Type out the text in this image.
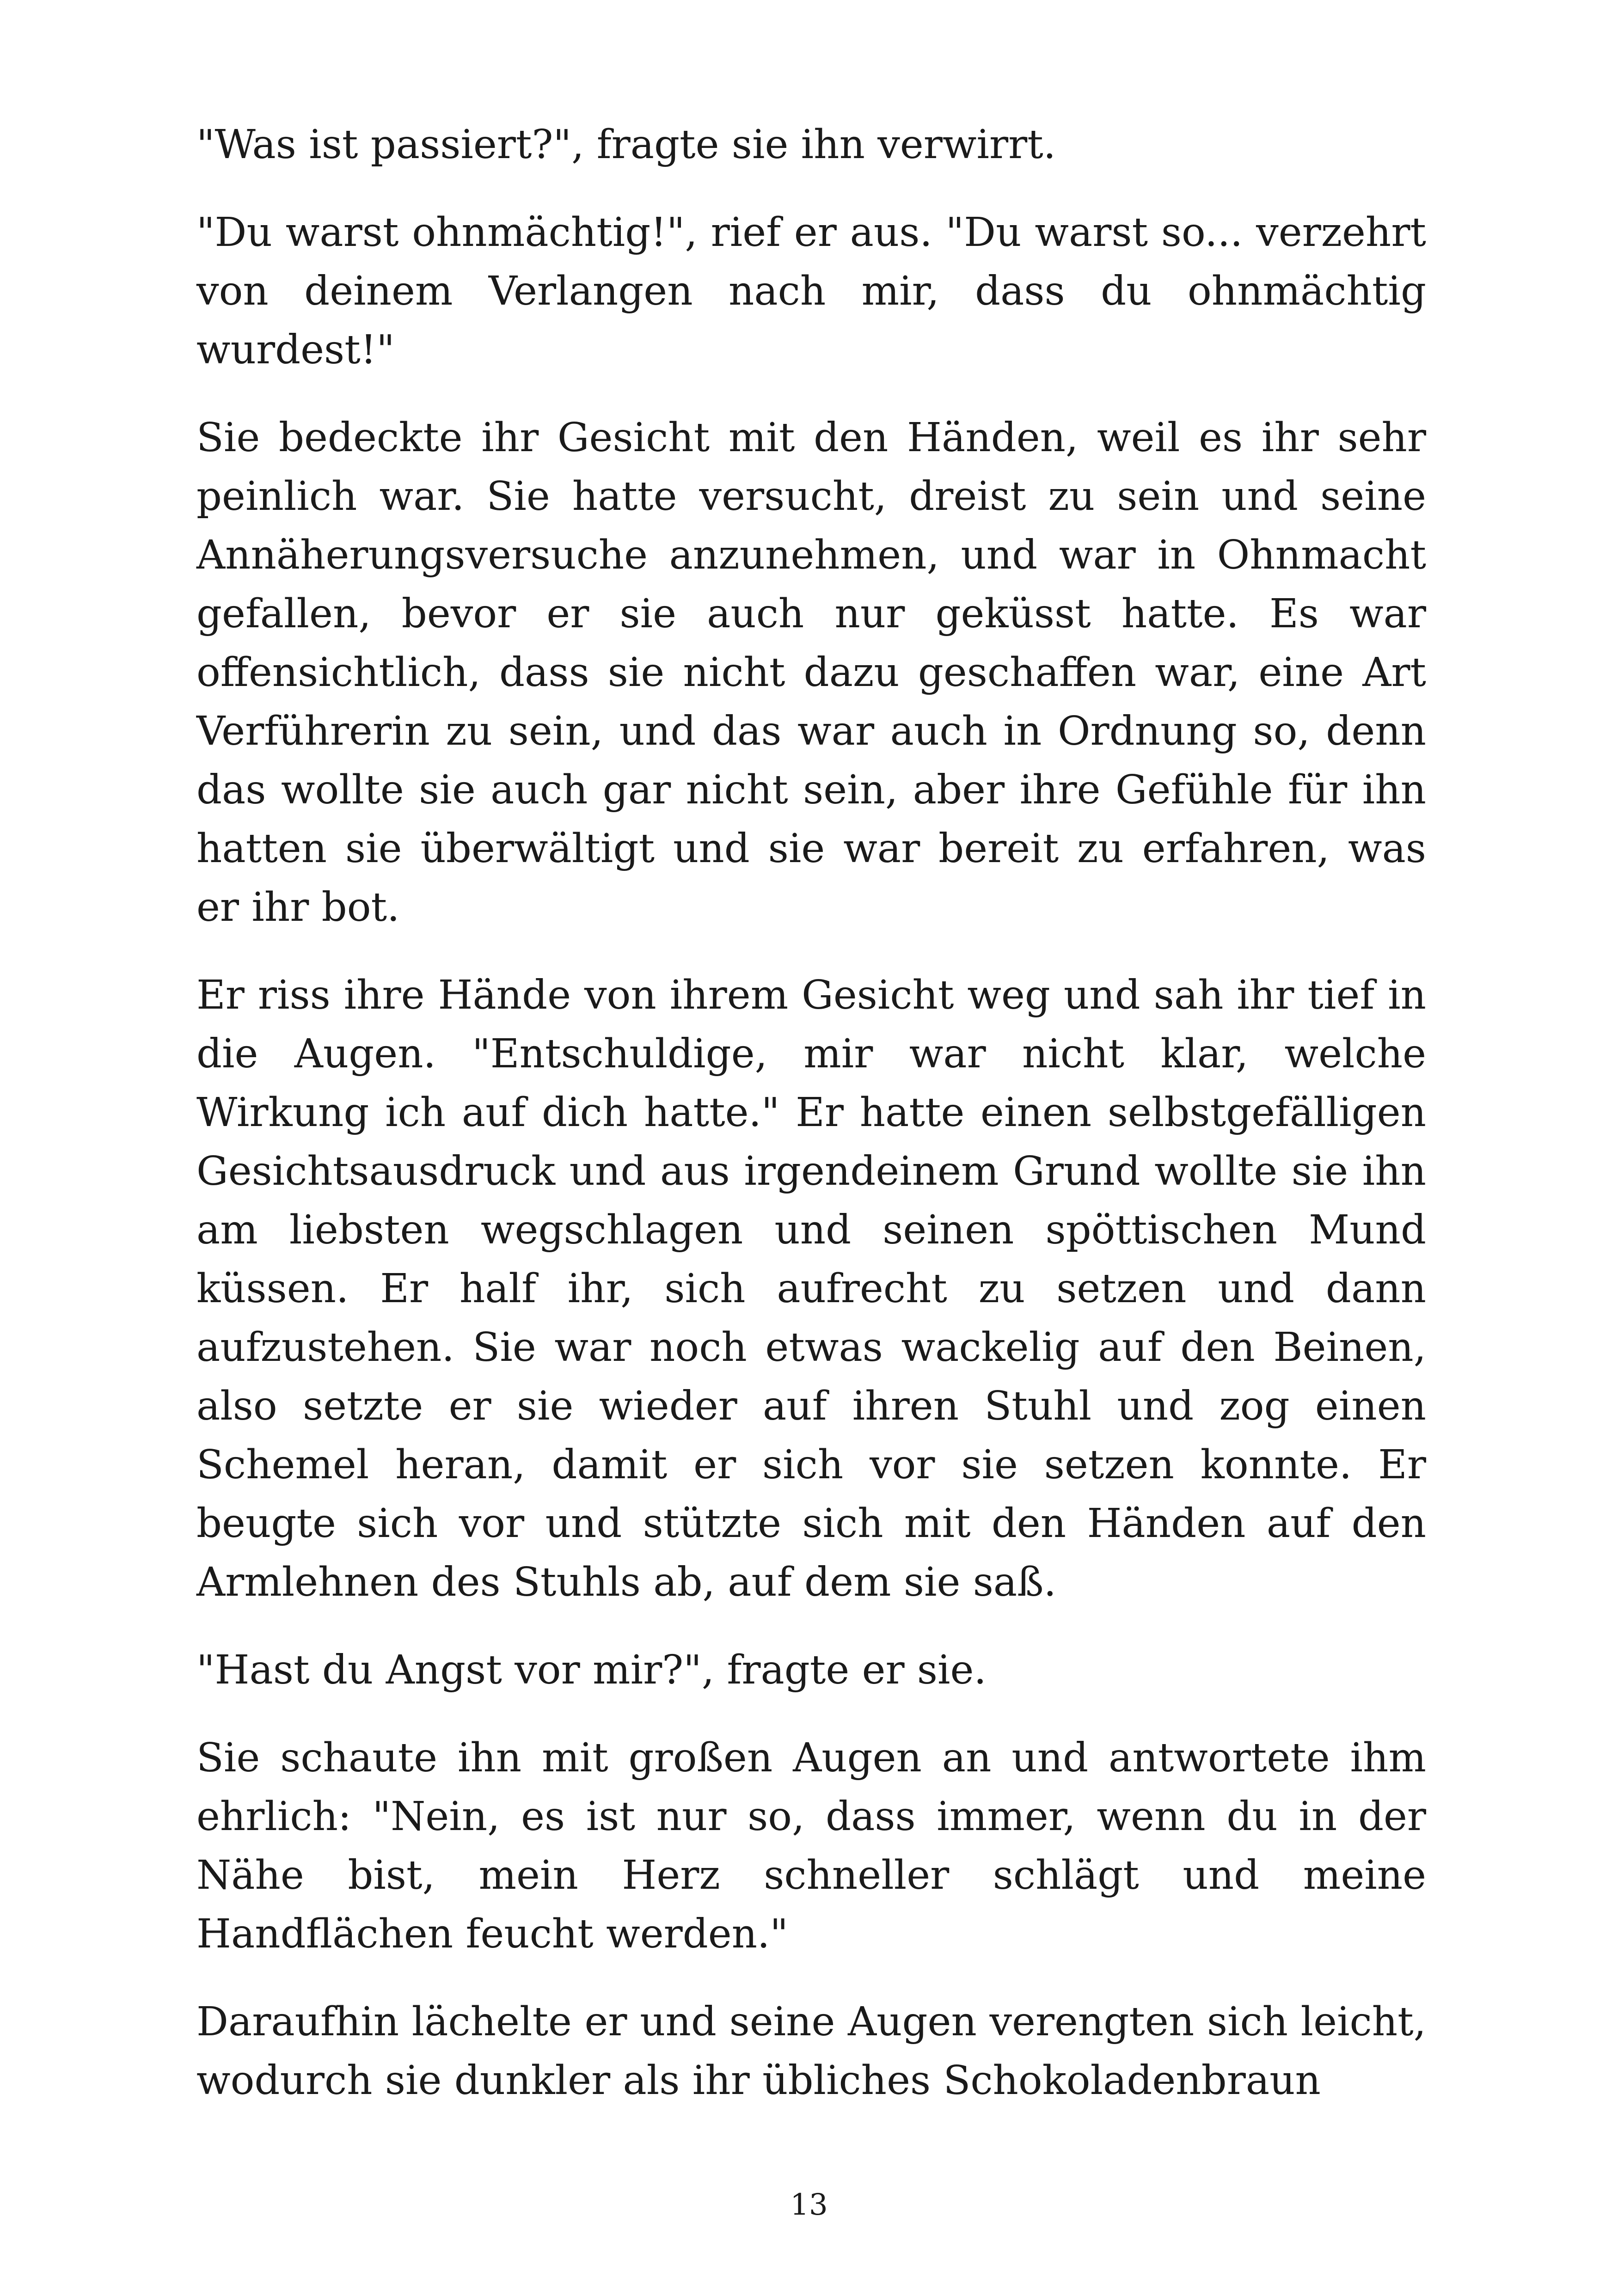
"Was ist passiert?", fragte sie ihn verwirrt.

"Du warst ohnmächtig!", rief er aus. "Du warst so... verzehrt von deinem Verlangen nach mir, dass du ohnmächtig wurdest!"

Sie bedeckte ihr Gesicht mit den Händen, weil es ihr sehr peinlich war. Sie hatte versucht, dreist zu sein und seine Annäherungsversuche anzunehmen, und war in Ohnmacht gefallen, bevor er sie auch nur geküsst hatte. Es war offensichtlich, dass sie nicht dazu geschaffen war, eine Art Verführerin zu sein, und das war auch in Ordnung so, denn das wollte sie auch gar nicht sein, aber ihre Gefühle für ihn hatten sie überwältigt und sie war bereit zu erfahren, was er ihr bot.

Er riss ihre Hände von ihrem Gesicht weg und sah ihr tief in die Augen. "Entschuldige, mir war nicht klar, welche Wirkung ich auf dich hatte." Er hatte einen selbstgefälligen Gesichtsausdruck und aus irgendeinem Grund wollte sie ihn am liebsten wegschlagen und seinen spöttischen Mund küssen. Er half ihr, sich aufrecht zu setzen und dann aufzustehen. Sie war noch etwas wackelig auf den Beinen, also setzte er sie wieder auf ihren Stuhl und zog einen Schemel heran, damit er sich vor sie setzen konnte. Er beugte sich vor und stützte sich mit den Händen auf den Armlehnen des Stuhls ab, auf dem sie saß.

"Hast du Angst vor mir?", fragte er sie.

Sie schaute ihn mit großen Augen an und antwortete ihm ehrlich: "Nein, es ist nur so, dass immer, wenn du in der Nähe bist, mein Herz schneller schlägt und meine Handflächen feucht werden."

Daraufhin lächelte er und seine Augen verengten sich leicht, wodurch sie dunkler als ihr übliches Schokoladenbraun

13
